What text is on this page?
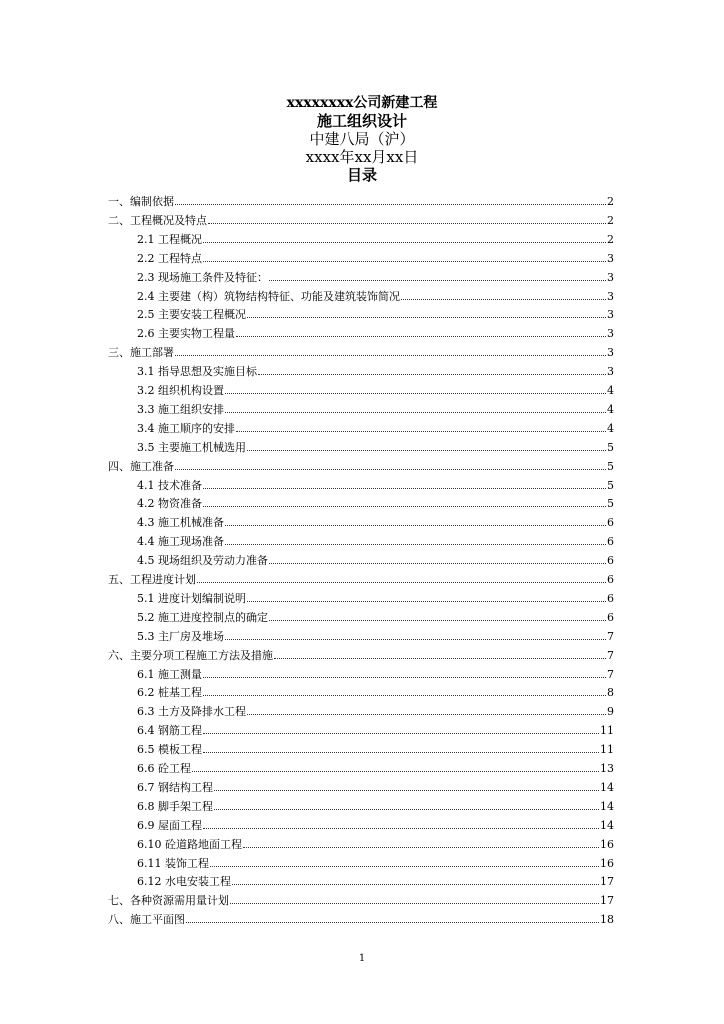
xxxxxxxx公司新建工程
施工组织设计
中建八局（沪）
xxxx年xx月xx日
目录
一、编制依据	2
二、工程概况及特点	2
2.1 工程概况	2
2.2 工程特点	3
2.3 现场施工条件及特征：	3
2.4 主要建（构）筑物结构特征、功能及建筑装饰简况	3
2.5 主要安装工程概况	3
2.6 主要实物工程量	3
三、施工部署	3
3.1 指导思想及实施目标	3
3.2 组织机构设置	4
3.3 施工组织安排	4
3.4 施工顺序的安排	4
3.5 主要施工机械选用	5
四、施工准备	5
4.1 技术准备	5
4.2 物资准备	5
4.3 施工机械准备	6
4.4 施工现场准备	6
4.5 现场组织及劳动力准备	6
五、工程进度计划	6
5.1 进度计划编制说明	6
5.2 施工进度控制点的确定	6
5.3 主厂房及堆场	7
六、主要分项工程施工方法及措施	7
6.1 施工测量	7
6.2 桩基工程	8
6.3 土方及降排水工程	9
6.4 钢筋工程	11
6.5 模板工程	11
6.6 砼工程	13
6.7 钢结构工程	14
6.8 脚手架工程	14
6.9 屋面工程	14
6.10 砼道路地面工程	16
6.11 装饰工程	16
6.12 水电安装工程	17
七、各种资源需用量计划	17
八、施工平面图	18
1
